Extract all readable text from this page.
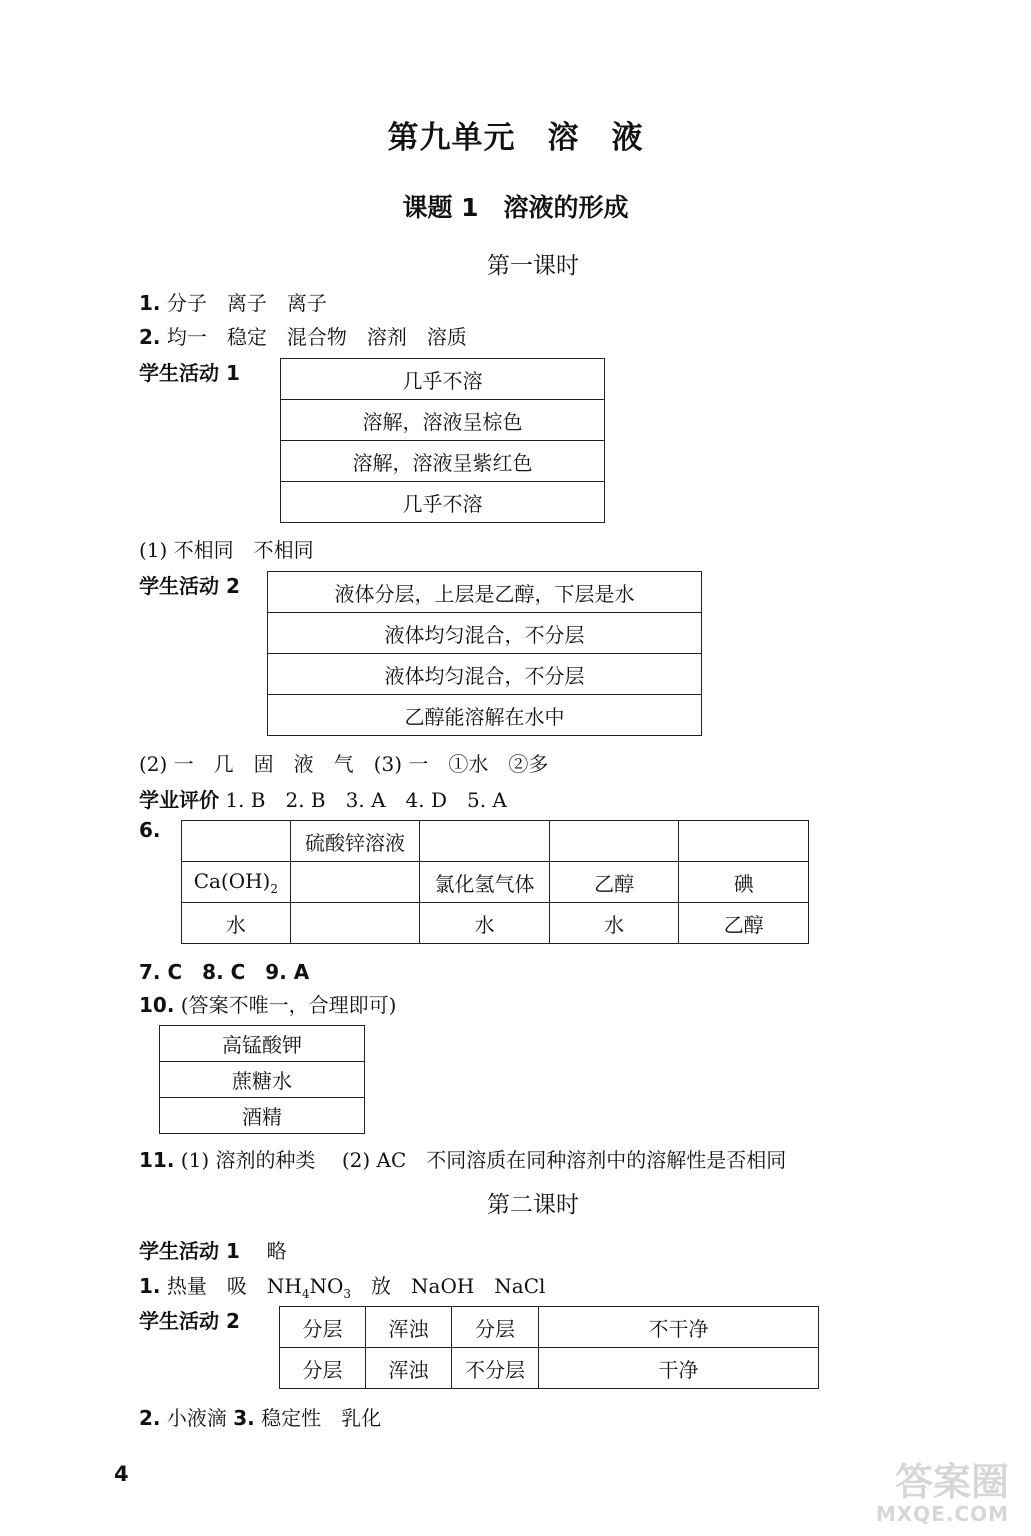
第九单元　溶　液
课题 1　溶液的形成
第一课时
1. 分子　离子　离子
2. 均一　稳定　混合物　溶剂　溶质
学生活动 1	几乎不溶
溶解，溶液呈棕色
溶解，溶液呈紫红色
几乎不溶
(1) 不相同　不相同
学生活动 2	液体分层，上层是乙醇，下层是水
液体均匀混合，不分层
液体均匀混合，不分层
乙醇能溶解在水中
(2) 一　几　固　液　气　(3) 一　①水　②多
学业评价 1. B　2. B　3. A　4. D　5. A
6.
	硫酸锌溶液			
$Ca(OH)_2$		氯化氢气体	乙醇	碘
水		水	水	乙醇
7. C　8. C　9. A
10. (答案不唯一，合理即可)
高锰酸钾
蔗糖水
酒精
11. (1) 溶剂的种类　 (2) AC　不同溶质在同种溶剂中的溶解性是否相同
第二课时
学生活动 1 略
1. 热量　吸　$NH_4NO_3$　放　NaOH　NaCl
学生活动 2	分层	浑浊	分层	不干净
分层	浑浊	不分层	干净
2. 小液滴 3. 稳定性　乳化
4	答案圈
MXQE.COM
